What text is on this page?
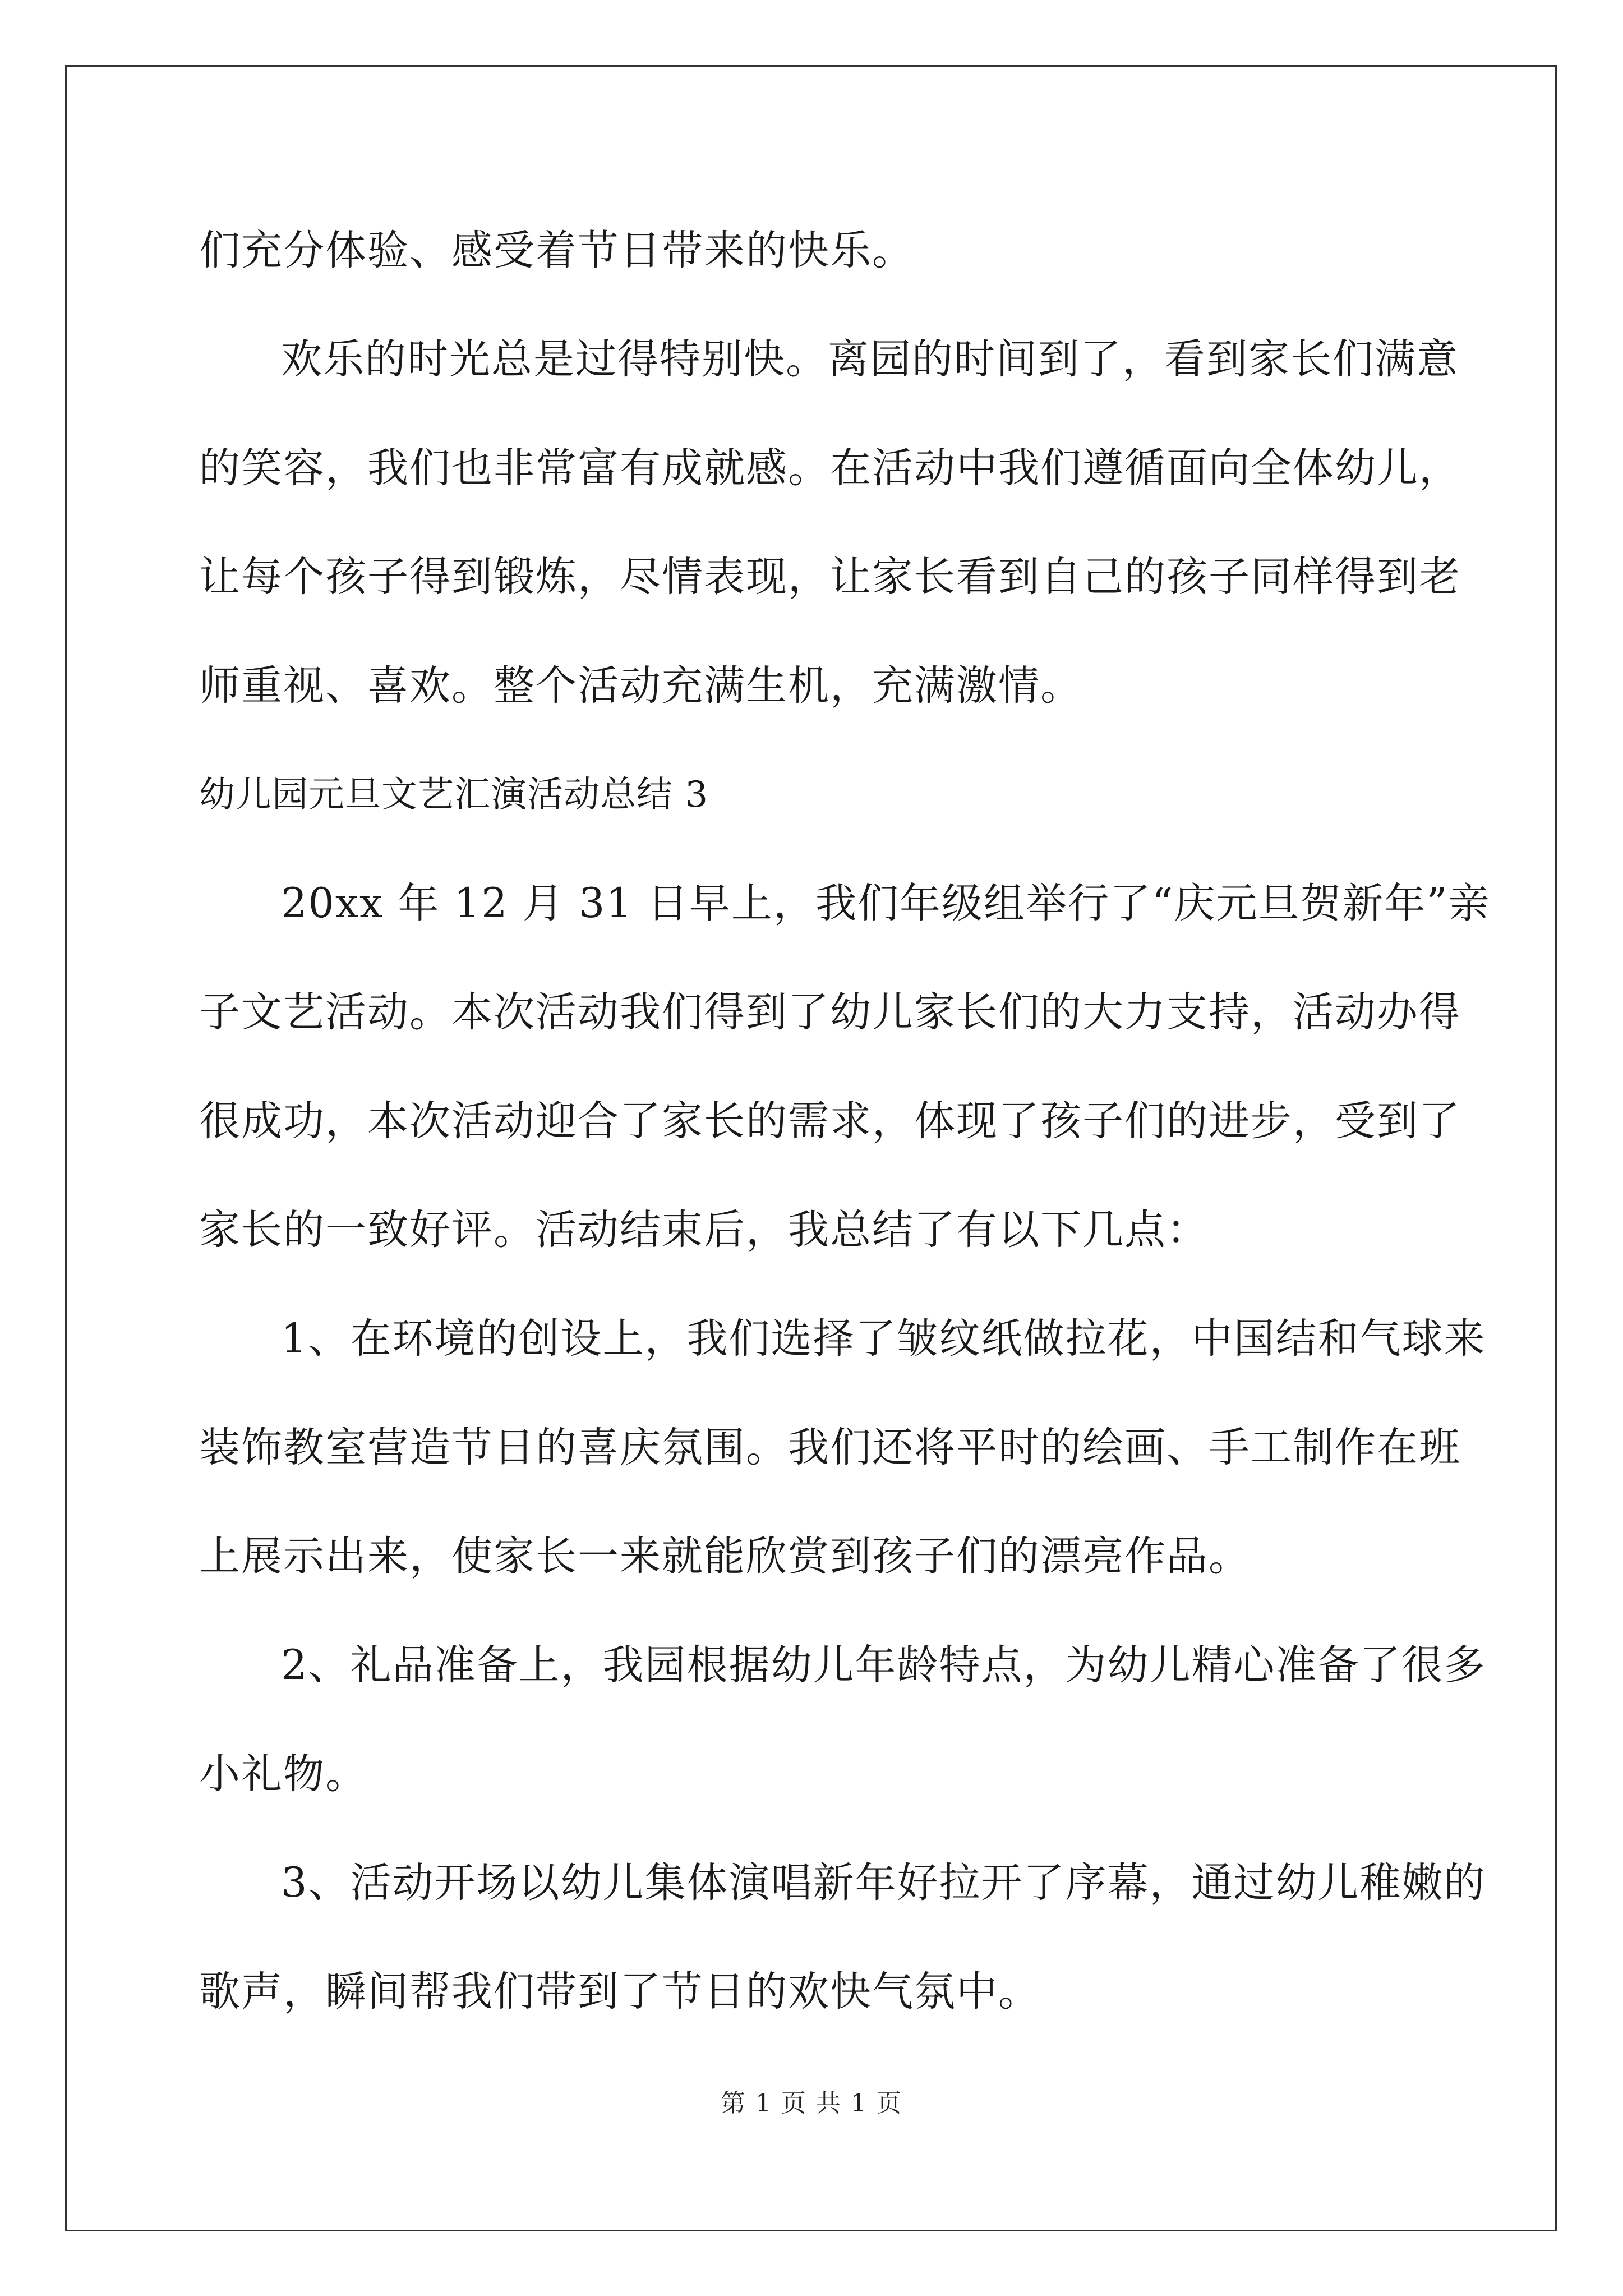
们充分体验、感受着节日带来的快乐。
欢乐的时光总是过得特别快。离园的时间到了，看到家长们满意
的笑容，我们也非常富有成就感。在活动中我们遵循面向全体幼儿，
让每个孩子得到锻炼，尽情表现，让家长看到自己的孩子同样得到老
师重视、喜欢。整个活动充满生机，充满激情。
幼儿园元旦文艺汇演活动总结 3
20xx 年 12 月 31 日早上，我们年级组举行了“庆元旦贺新年”亲
子文艺活动。本次活动我们得到了幼儿家长们的大力支持，活动办得
很成功，本次活动迎合了家长的需求，体现了孩子们的进步，受到了
家长的一致好评。活动结束后，我总结了有以下几点：
1、在环境的创设上，我们选择了皱纹纸做拉花，中国结和气球来
装饰教室营造节日的喜庆氛围。我们还将平时的绘画、手工制作在班
上展示出来，使家长一来就能欣赏到孩子们的漂亮作品。
2、礼品准备上，我园根据幼儿年龄特点，为幼儿精心准备了很多
小礼物。
3、活动开场以幼儿集体演唱新年好拉开了序幕，通过幼儿稚嫩的
歌声，瞬间帮我们带到了节日的欢快气氛中。
第 1 页 共 1 页
